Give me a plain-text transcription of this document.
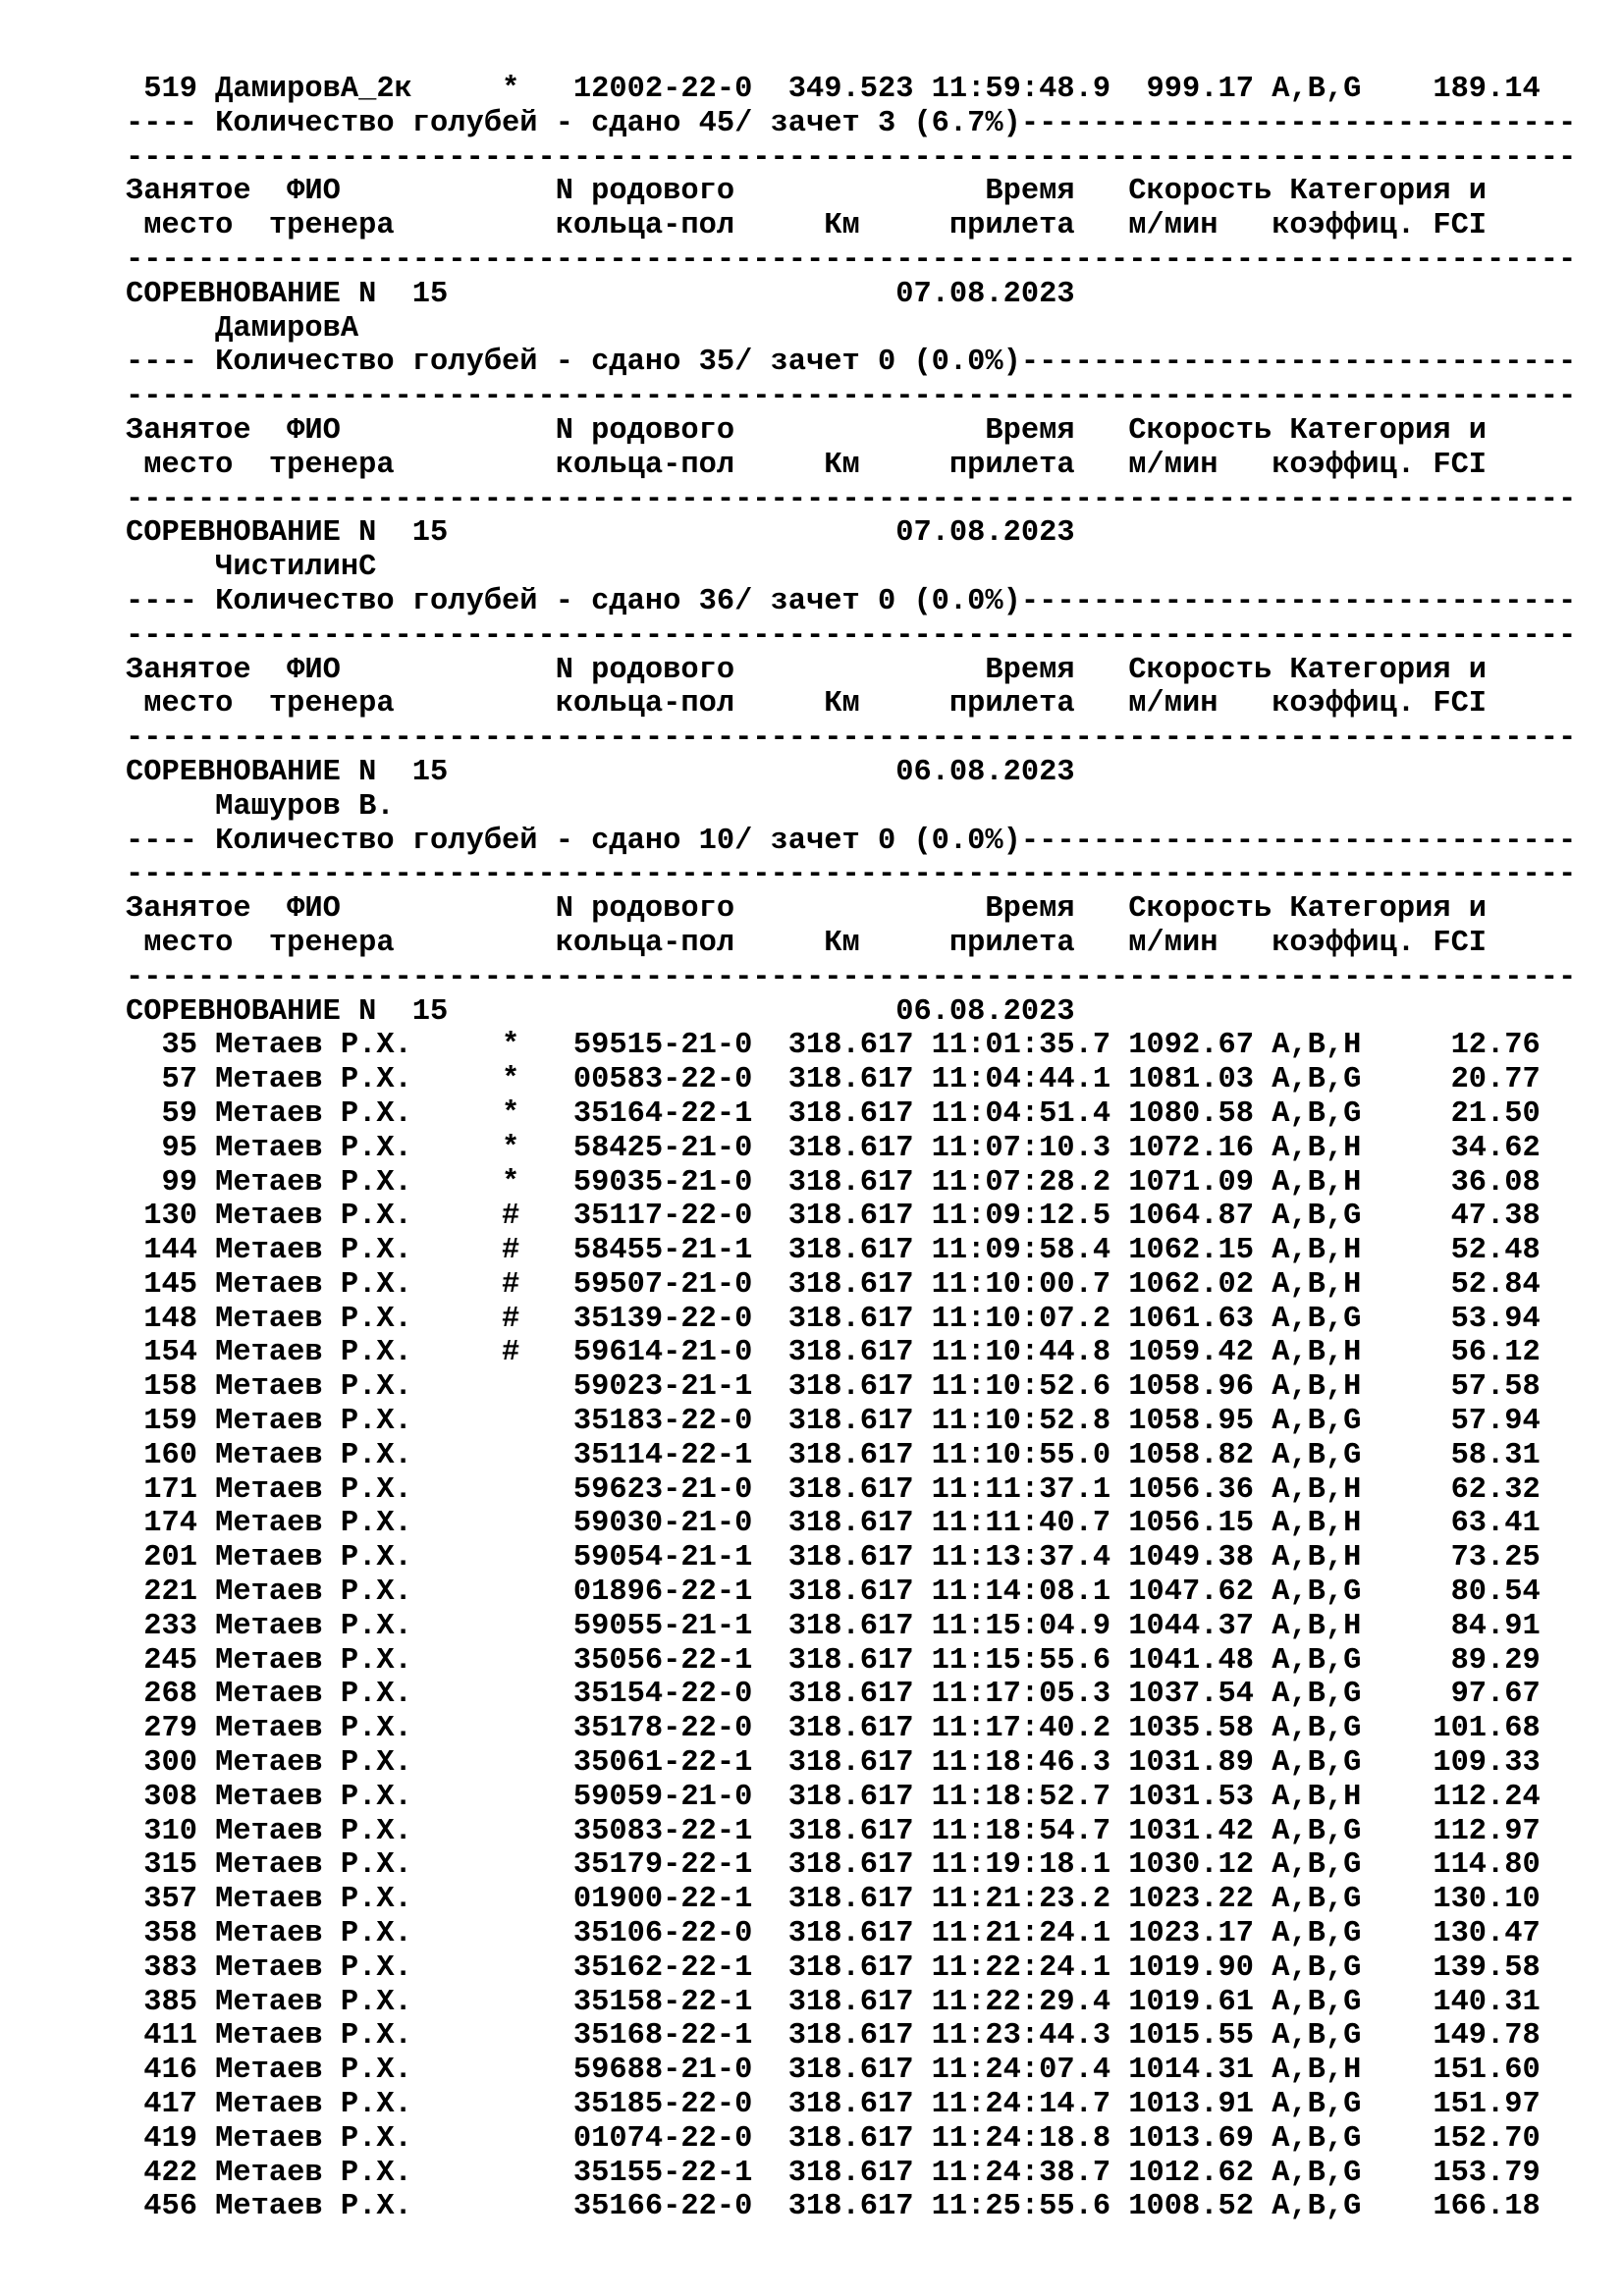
519 ДамировА_2к     *   12002-22-0  349.523 11:59:48.9  999.17 A,B,G    189.14
---- Количество голубей - сдано 45/ зачет 3 (6.7%)-------------------------------
---------------------------------------------------------------------------------
Занятое  ФИО            N родового              Время   Скорость Категория и
место  тренера         кольца-пол     Км     прилета   м/мин   коэффиц. FCI
---------------------------------------------------------------------------------
СОРЕВНОВАНИЕ N  15                         07.08.2023
ДамировА
---- Количество голубей - сдано 35/ зачет 0 (0.0%)-------------------------------
---------------------------------------------------------------------------------
Занятое  ФИО            N родового              Время   Скорость Категория и
место  тренера         кольца-пол     Км     прилета   м/мин   коэффиц. FCI
---------------------------------------------------------------------------------
СОРЕВНОВАНИЕ N  15                         07.08.2023
ЧистилинС
---- Количество голубей - сдано 36/ зачет 0 (0.0%)-------------------------------
---------------------------------------------------------------------------------
Занятое  ФИО            N родового              Время   Скорость Категория и
место  тренера         кольца-пол     Км     прилета   м/мин   коэффиц. FCI
---------------------------------------------------------------------------------
СОРЕВНОВАНИЕ N  15                         06.08.2023
Машуров В.
---- Количество голубей - сдано 10/ зачет 0 (0.0%)-------------------------------
---------------------------------------------------------------------------------
Занятое  ФИО            N родового              Время   Скорость Категория и
место  тренера         кольца-пол     Км     прилета   м/мин   коэффиц. FCI
---------------------------------------------------------------------------------
СОРЕВНОВАНИЕ N  15                         06.08.2023
35 Метаев Р.Х.     *   59515-21-0  318.617 11:01:35.7 1092.67 A,B,H     12.76
57 Метаев Р.Х.     *   00583-22-0  318.617 11:04:44.1 1081.03 A,B,G     20.77
59 Метаев Р.Х.     *   35164-22-1  318.617 11:04:51.4 1080.58 A,B,G     21.50
95 Метаев Р.Х.     *   58425-21-0  318.617 11:07:10.3 1072.16 A,B,H     34.62
99 Метаев Р.Х.     *   59035-21-0  318.617 11:07:28.2 1071.09 A,B,H     36.08
130 Метаев Р.Х.     #   35117-22-0  318.617 11:09:12.5 1064.87 A,B,G     47.38
144 Метаев Р.Х.     #   58455-21-1  318.617 11:09:58.4 1062.15 A,B,H     52.48
145 Метаев Р.Х.     #   59507-21-0  318.617 11:10:00.7 1062.02 A,B,H     52.84
148 Метаев Р.Х.     #   35139-22-0  318.617 11:10:07.2 1061.63 A,B,G     53.94
154 Метаев Р.Х.     #   59614-21-0  318.617 11:10:44.8 1059.42 A,B,H     56.12
158 Метаев Р.Х.         59023-21-1  318.617 11:10:52.6 1058.96 A,B,H     57.58
159 Метаев Р.Х.         35183-22-0  318.617 11:10:52.8 1058.95 A,B,G     57.94
160 Метаев Р.Х.         35114-22-1  318.617 11:10:55.0 1058.82 A,B,G     58.31
171 Метаев Р.Х.         59623-21-0  318.617 11:11:37.1 1056.36 A,B,H     62.32
174 Метаев Р.Х.         59030-21-0  318.617 11:11:40.7 1056.15 A,B,H     63.41
201 Метаев Р.Х.         59054-21-1  318.617 11:13:37.4 1049.38 A,B,H     73.25
221 Метаев Р.Х.         01896-22-1  318.617 11:14:08.1 1047.62 A,B,G     80.54
233 Метаев Р.Х.         59055-21-1  318.617 11:15:04.9 1044.37 A,B,H     84.91
245 Метаев Р.Х.         35056-22-1  318.617 11:15:55.6 1041.48 A,B,G     89.29
268 Метаев Р.Х.         35154-22-0  318.617 11:17:05.3 1037.54 A,B,G     97.67
279 Метаев Р.Х.         35178-22-0  318.617 11:17:40.2 1035.58 A,B,G    101.68
300 Метаев Р.Х.         35061-22-1  318.617 11:18:46.3 1031.89 A,B,G    109.33
308 Метаев Р.Х.         59059-21-0  318.617 11:18:52.7 1031.53 A,B,H    112.24
310 Метаев Р.Х.         35083-22-1  318.617 11:18:54.7 1031.42 A,B,G    112.97
315 Метаев Р.Х.         35179-22-1  318.617 11:19:18.1 1030.12 A,B,G    114.80
357 Метаев Р.Х.         01900-22-1  318.617 11:21:23.2 1023.22 A,B,G    130.10
358 Метаев Р.Х.         35106-22-0  318.617 11:21:24.1 1023.17 A,B,G    130.47
383 Метаев Р.Х.         35162-22-1  318.617 11:22:24.1 1019.90 A,B,G    139.58
385 Метаев Р.Х.         35158-22-1  318.617 11:22:29.4 1019.61 A,B,G    140.31
411 Метаев Р.Х.         35168-22-1  318.617 11:23:44.3 1015.55 A,B,G    149.78
416 Метаев Р.Х.         59688-21-0  318.617 11:24:07.4 1014.31 A,B,H    151.60
417 Метаев Р.Х.         35185-22-0  318.617 11:24:14.7 1013.91 A,B,G    151.97
419 Метаев Р.Х.         01074-22-0  318.617 11:24:18.8 1013.69 A,B,G    152.70
422 Метаев Р.Х.         35155-22-1  318.617 11:24:38.7 1012.62 A,B,G    153.79
456 Метаев Р.Х.         35166-22-0  318.617 11:25:55.6 1008.52 A,B,G    166.18
